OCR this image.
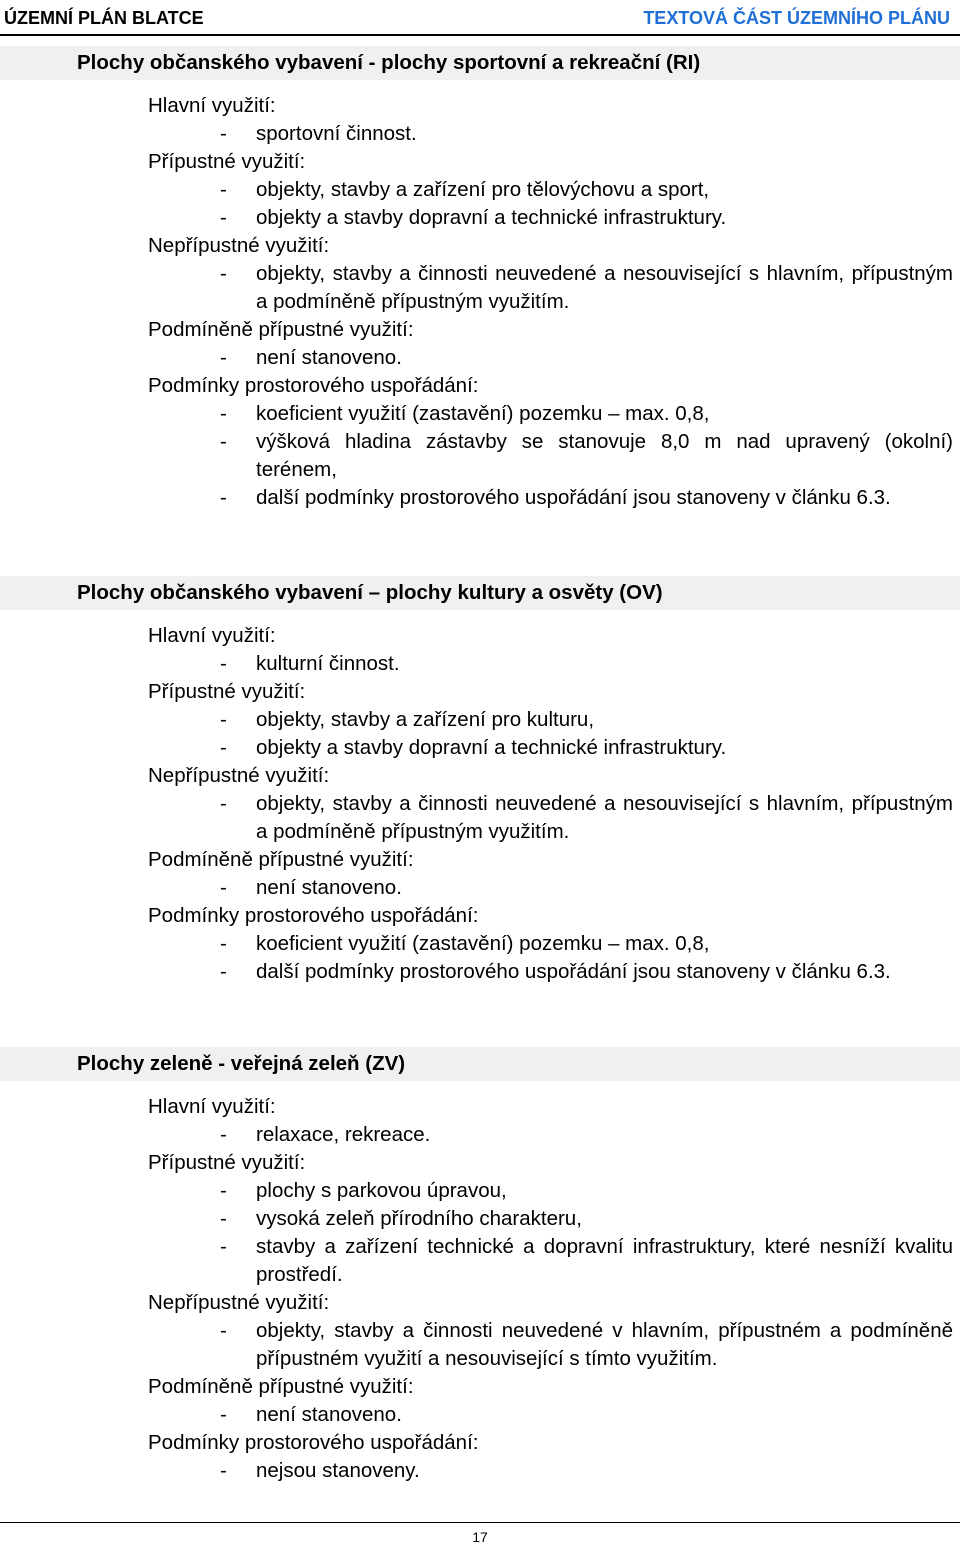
ÚZEMNÍ PLÁN BLATCE	TEXTOVÁ ČÁST ÚZEMNÍHO PLÁNU
Plochy občanského vybavení - plochy sportovní a rekreační (RI)
Hlavní využití:
- sportovní činnost.
Přípustné využití:
- objekty, stavby a zařízení pro tělovýchovu a sport,
- objekty a stavby dopravní a technické infrastruktury.
Nepřípustné využití:
- objekty, stavby a činnosti neuvedené a nesouvisející s hlavním, přípustným a podmíněně přípustným využitím.
Podmíněně přípustné využití:
- není stanoveno.
Podmínky prostorového uspořádání:
- koeficient využití (zastavění) pozemku – max. 0,8,
- výšková hladina zástavby se stanovuje 8,0 m nad upravený (okolní) terénem,
- další podmínky prostorového uspořádání jsou stanoveny v článku 6.3.
Plochy občanského vybavení – plochy kultury a osvěty (OV)
Hlavní využití:
- kulturní činnost.
Přípustné využití:
- objekty, stavby a zařízení pro kulturu,
- objekty a stavby dopravní a technické infrastruktury.
Nepřípustné využití:
- objekty, stavby a činnosti neuvedené a nesouvisející s hlavním, přípustným a podmíněně přípustným využitím.
Podmíněně přípustné využití:
- není stanoveno.
Podmínky prostorového uspořádání:
- koeficient využití (zastavění) pozemku – max. 0,8,
- další podmínky prostorového uspořádání jsou stanoveny v článku 6.3.
Plochy zeleně - veřejná zeleň (ZV)
Hlavní využití:
- relaxace, rekreace.
Přípustné využití:
- plochy s parkovou úpravou,
- vysoká zeleň přírodního charakteru,
- stavby a zařízení technické a dopravní infrastruktury, které nesníží kvalitu prostředí.
Nepřípustné využití:
- objekty, stavby a činnosti neuvedené v hlavním, přípustném a podmíněně přípustném využití a nesouvisející s tímto využitím.
Podmíněně přípustné využití:
- není stanoveno.
Podmínky prostorového uspořádání:
- nejsou stanoveny.
17
